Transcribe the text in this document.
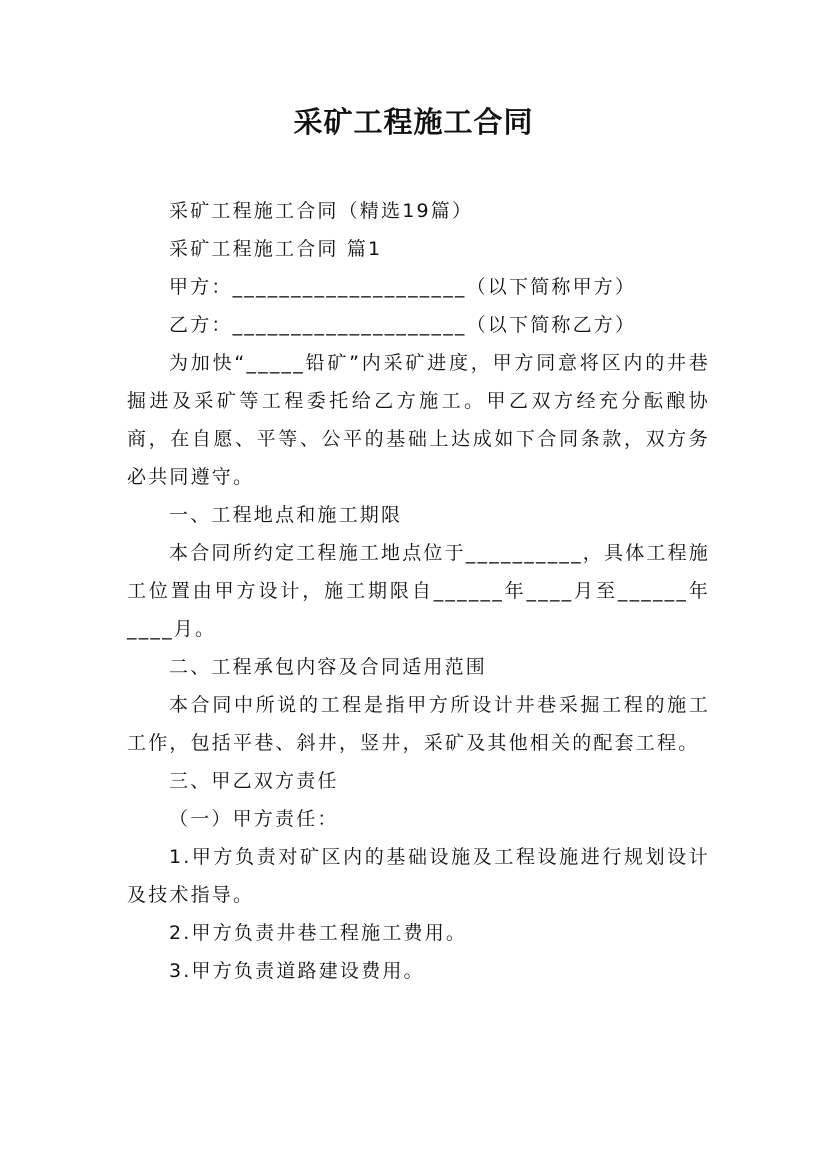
采矿工程施工合同

采矿工程施工合同（精选19篇）

采矿工程施工合同 篇1

甲方：____________________（以下简称甲方）

乙方：____________________（以下简称乙方）

为加快“_____铅矿”内采矿进度，甲方同意将区内的井巷掘进及采矿等工程委托给乙方施工。甲乙双方经充分酝酿协商，在自愿、平等、公平的基础上达成如下合同条款，双方务必共同遵守。

一、工程地点和施工期限

本合同所约定工程施工地点位于__________，具体工程施工位置由甲方设计，施工期限自______年____月至______年____月。

二、工程承包内容及合同适用范围

本合同中所说的工程是指甲方所设计井巷采掘工程的施工工作，包括平巷、斜井，竖井，采矿及其他相关的配套工程。

三、甲乙双方责任

（一）甲方责任：

1.甲方负责对矿区内的基础设施及工程设施进行规划设计及技术指导。

2.甲方负责井巷工程施工费用。

3.甲方负责道路建设费用。
